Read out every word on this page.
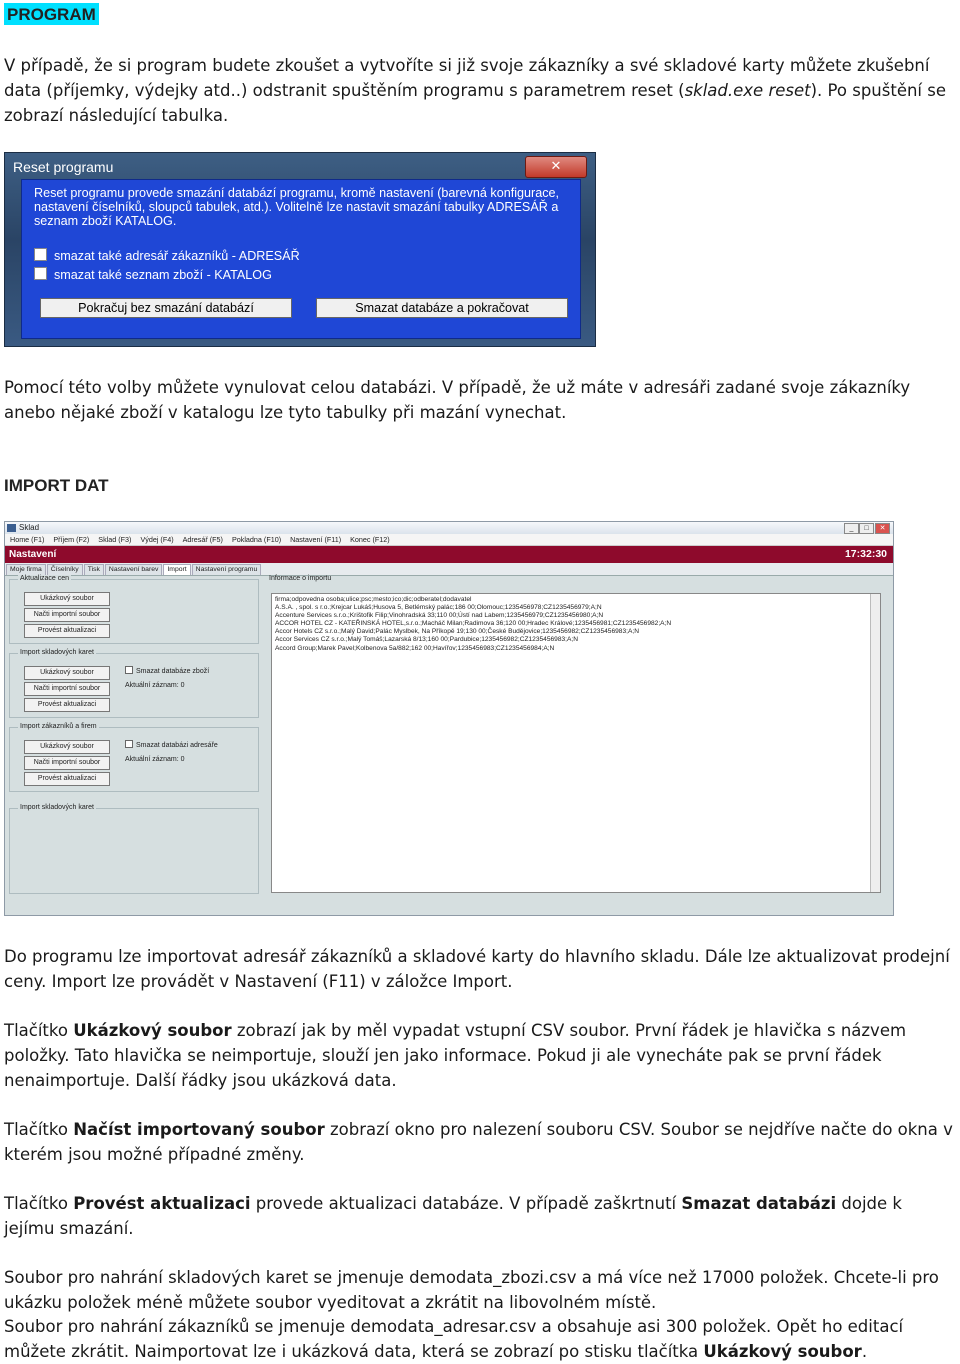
PROGRAM
V případě, že si program budete zkoušet a vytvoříte si již svoje zákazníky a své skladové karty můžete zkušební data (příjemky, výdejky atd..) odstranit spuštěním programu s parametrem reset (sklad.exe reset). Po spuštění se zobrazí následující tabulka.
Reset programu	✕
Reset programu provede smazání databází programu, kromě nastavení (barevná konfigurace, nastavení číselníků, sloupců tabulek, atd.). Volitelně lze nastavit smazání tabulky ADRESÁŘ a seznam zboží KATALOG.
smazat také adresář zákazníků - ADRESÁŘ
smazat také seznam zboží - KATALOG
Pokračuj bez smazání databází	Smazat databáze a pokračovat
Pomocí této volby můžete vynulovat celou databázi. V případě, že už máte v adresáři zadané svoje zákazníky anebo nějaké zboží v katalogu lze tyto tabulky při mazání vynechat.
IMPORT DAT
Sklad	_	□	✕
Home (F1) Příjem (F2) Sklad (F3) Výdej (F4) Adresář (F5) Pokladna (F10) Nastavení (F11) Konec (F12)
Nastavení	17:32:30
Moje firma Číselníky Tisk Nastavení barev Import Nastavení programu
Aktualizace cen
Ukázkový soubor
Načti importní soubor
Provést aktualizaci
Import skladových karet
Ukázkový soubor
Načti importní soubor
Provést aktualizaci
Smazat databáze zboží
Aktuální záznam: 0
Import zákazníků a firem
Ukázkový soubor
Načti importní soubor
Provést aktualizaci
Smazat databázi adresáře
Aktuální záznam: 0
Import skladových karet
Informace o importu
firma;odpovedna osoba;ulice;psc;mesto;ico;dic;odberatel;dodavatel
A.S.A. , spol. s r.o.;Krejcar Lukáš;Husova 5, Betlémský palác;186 00;Olomouc;1235456978;CZ1235456979;A;N
Accenture Services s.r.o.;Krištofik Filip;Vinohradská 33;110 00;Ústí nad Labem;1235456979;CZ1235456980;A;N
ACCOR HOTEL CZ - KATEŘINSKÁ HOTEL,s.r.o.;Macháč Milan;Radimova 36;120 00;Hradec Králové;1235456981;CZ1235456982;A;N
Accor Hotels CZ s.r.o.;Malý David;Palác Myslbek, Na Příkopě 19;130 00;České Budějovice;1235456982;CZ1235456983;A;N
Accor Services CZ s.r.o.;Malý Tomáš;Lazarská 8/13;160 00;Pardubice;1235456982;CZ1235456983;A;N
Accord Group;Marek Pavel;Kolbenova 5a/882;162 00;Havířov;1235456983;CZ1235456984;A;N
Do programu lze importovat adresář zákazníků a skladové karty do hlavního skladu. Dále lze aktualizovat prodejní ceny. Import lze provádět v Nastavení (F11) v záložce Import.
Tlačítko Ukázkový soubor zobrazí jak by měl vypadat vstupní CSV soubor. První řádek je hlavička s názvem položky. Tato hlavička se neimportuje, slouží jen jako informace. Pokud ji ale vynecháte pak se první řádek nenaimportuje. Další řádky jsou ukázková data.
Tlačítko Načíst importovaný soubor zobrazí okno pro nalezení souboru CSV. Soubor se nejdříve načte do okna v kterém jsou možné případné změny.
Tlačítko Provést aktualizaci provede aktualizaci databáze. V případě zaškrtnutí Smazat databázi dojde k jejímu smazání.
Soubor pro nahrání skladových karet se jmenuje demodata_zbozi.csv a má více než 17000 položek. Chcete-li pro ukázku položek méně můžete soubor vyeditovat a zkrátit na libovolném místě.
Soubor pro nahrání zákazníků se jmenuje demodata_adresar.csv a obsahuje asi 300 položek. Opět ho editací můžete zkrátit. Naimportovat lze i ukázková data, která se zobrazí po stisku tlačítka Ukázkový soubor.
